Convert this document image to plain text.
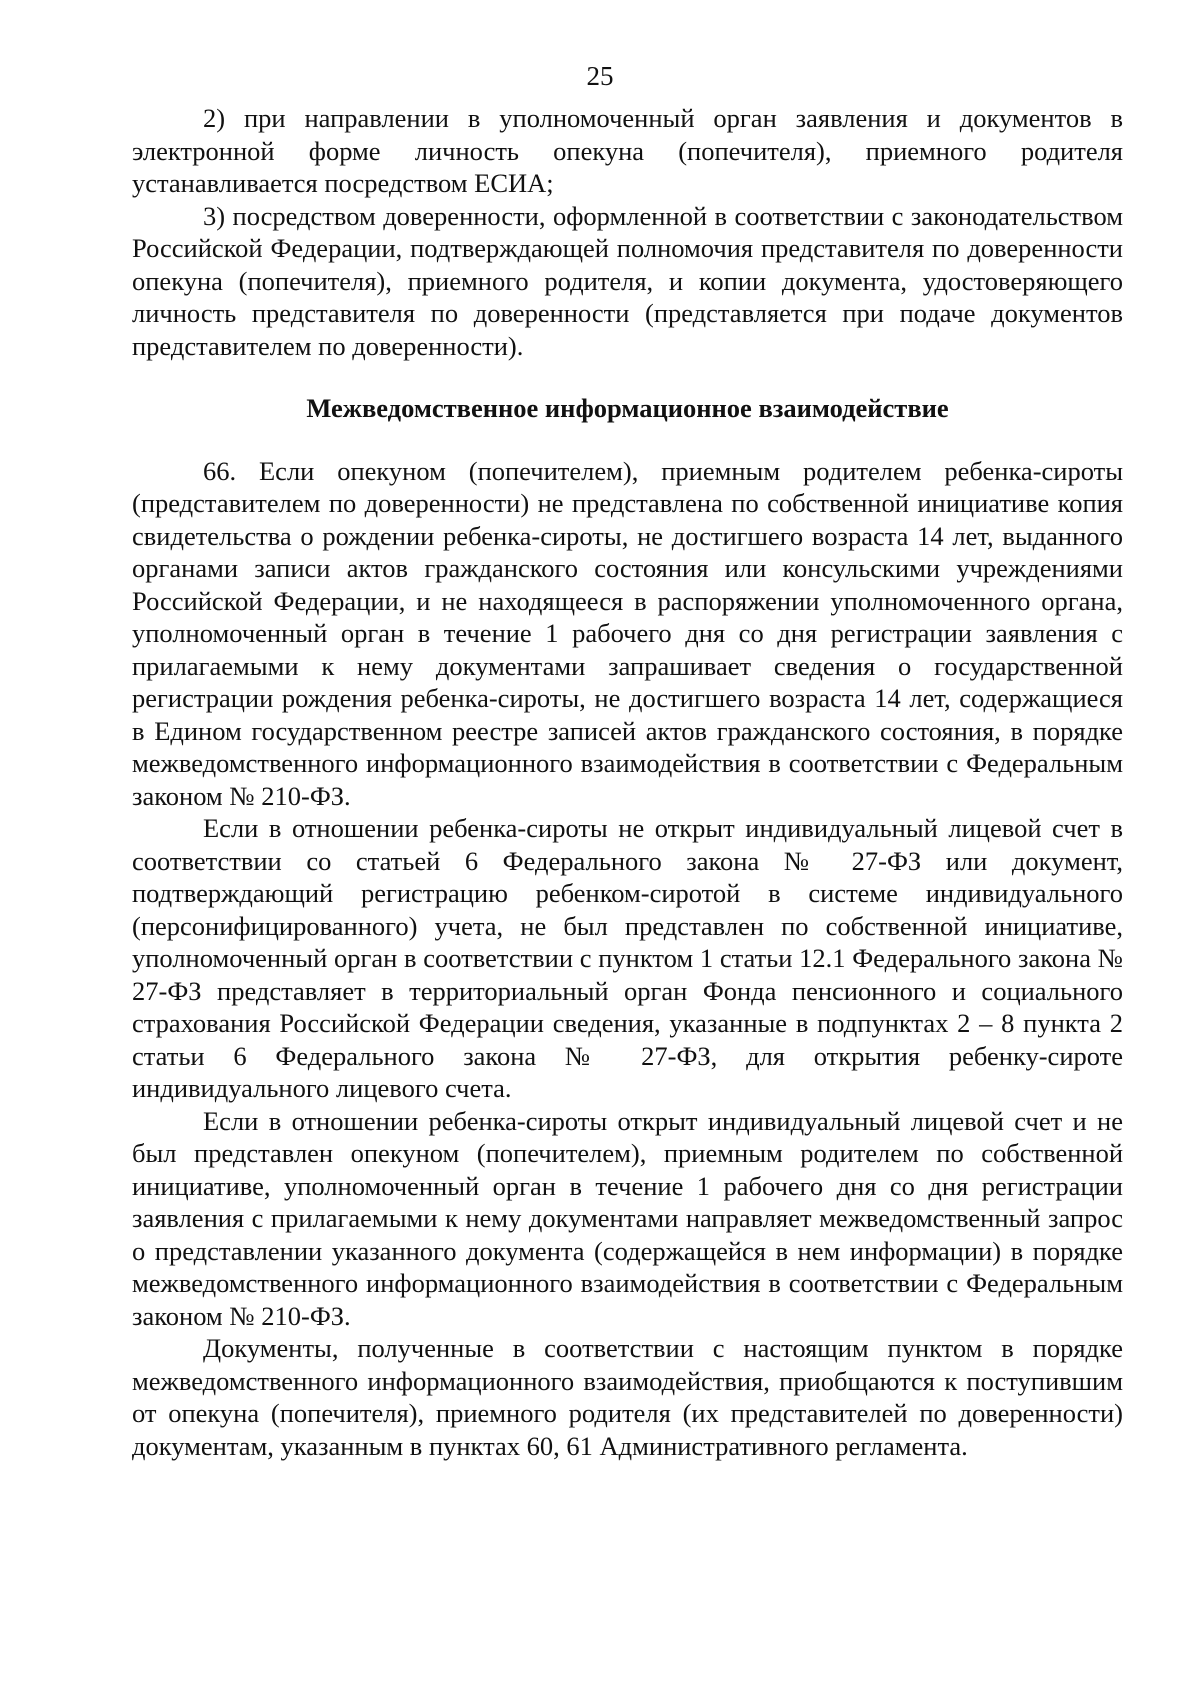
25

2) при направлении в уполномоченный орган заявления и документов в электронной форме личность опекуна (попечителя), приемного родителя устанавливается посредством ЕСИА;

3) посредством доверенности, оформленной в соответствии с законодательством Российской Федерации, подтверждающей полномочия представителя по доверенности опекуна (попечителя), приемного родителя, и копии документа, удостоверяющего личность представителя по доверенности (представляется при подаче документов представителем по доверенности).

Межведомственное информационное взаимодействие

66. Если опекуном (попечителем), приемным родителем ребенка-сироты (представителем по доверенности) не представлена по собственной инициативе копия свидетельства о рождении ребенка-сироты, не достигшего возраста 14 лет, выданного органами записи актов гражданского состояния или консульскими учреждениями Российской Федерации, и не находящееся в распоряжении уполномоченного органа, уполномоченный орган в течение 1 рабочего дня со дня регистрации заявления с прилагаемыми к нему документами запрашивает сведения о государственной регистрации рождения ребенка-сироты, не достигшего возраста 14 лет, содержащиеся в Едином государственном реестре записей актов гражданского состояния, в порядке межведомственного информационного взаимодействия в соответствии с Федеральным законом № 210-ФЗ.

Если в отношении ребенка-сироты не открыт индивидуальный лицевой счет в соответствии со статьей 6 Федерального закона № 27-ФЗ или документ, подтверждающий регистрацию ребенком-сиротой в системе индивидуального (персонифицированного) учета, не был представлен по собственной инициативе, уполномоченный орган в соответствии с пунктом 1 статьи 12.1 Федерального закона № 27-ФЗ представляет в территориальный орган Фонда пенсионного и социального страхования Российской Федерации сведения, указанные в подпунктах 2 – 8 пункта 2 статьи 6 Федерального закона № 27-ФЗ, для открытия ребенку-сироте индивидуального лицевого счета.

Если в отношении ребенка-сироты открыт индивидуальный лицевой счет и не был представлен опекуном (попечителем), приемным родителем по собственной инициативе, уполномоченный орган в течение 1 рабочего дня со дня регистрации заявления с прилагаемыми к нему документами направляет межведомственный запрос о представлении указанного документа (содержащейся в нем информации) в порядке межведомственного информационного взаимодействия в соответствии с Федеральным законом № 210-ФЗ.

Документы, полученные в соответствии с настоящим пунктом в порядке межведомственного информационного взаимодействия, приобщаются к поступившим от опекуна (попечителя), приемного родителя (их представителей по доверенности) документам, указанным в пунктах 60, 61 Административного регламента.
